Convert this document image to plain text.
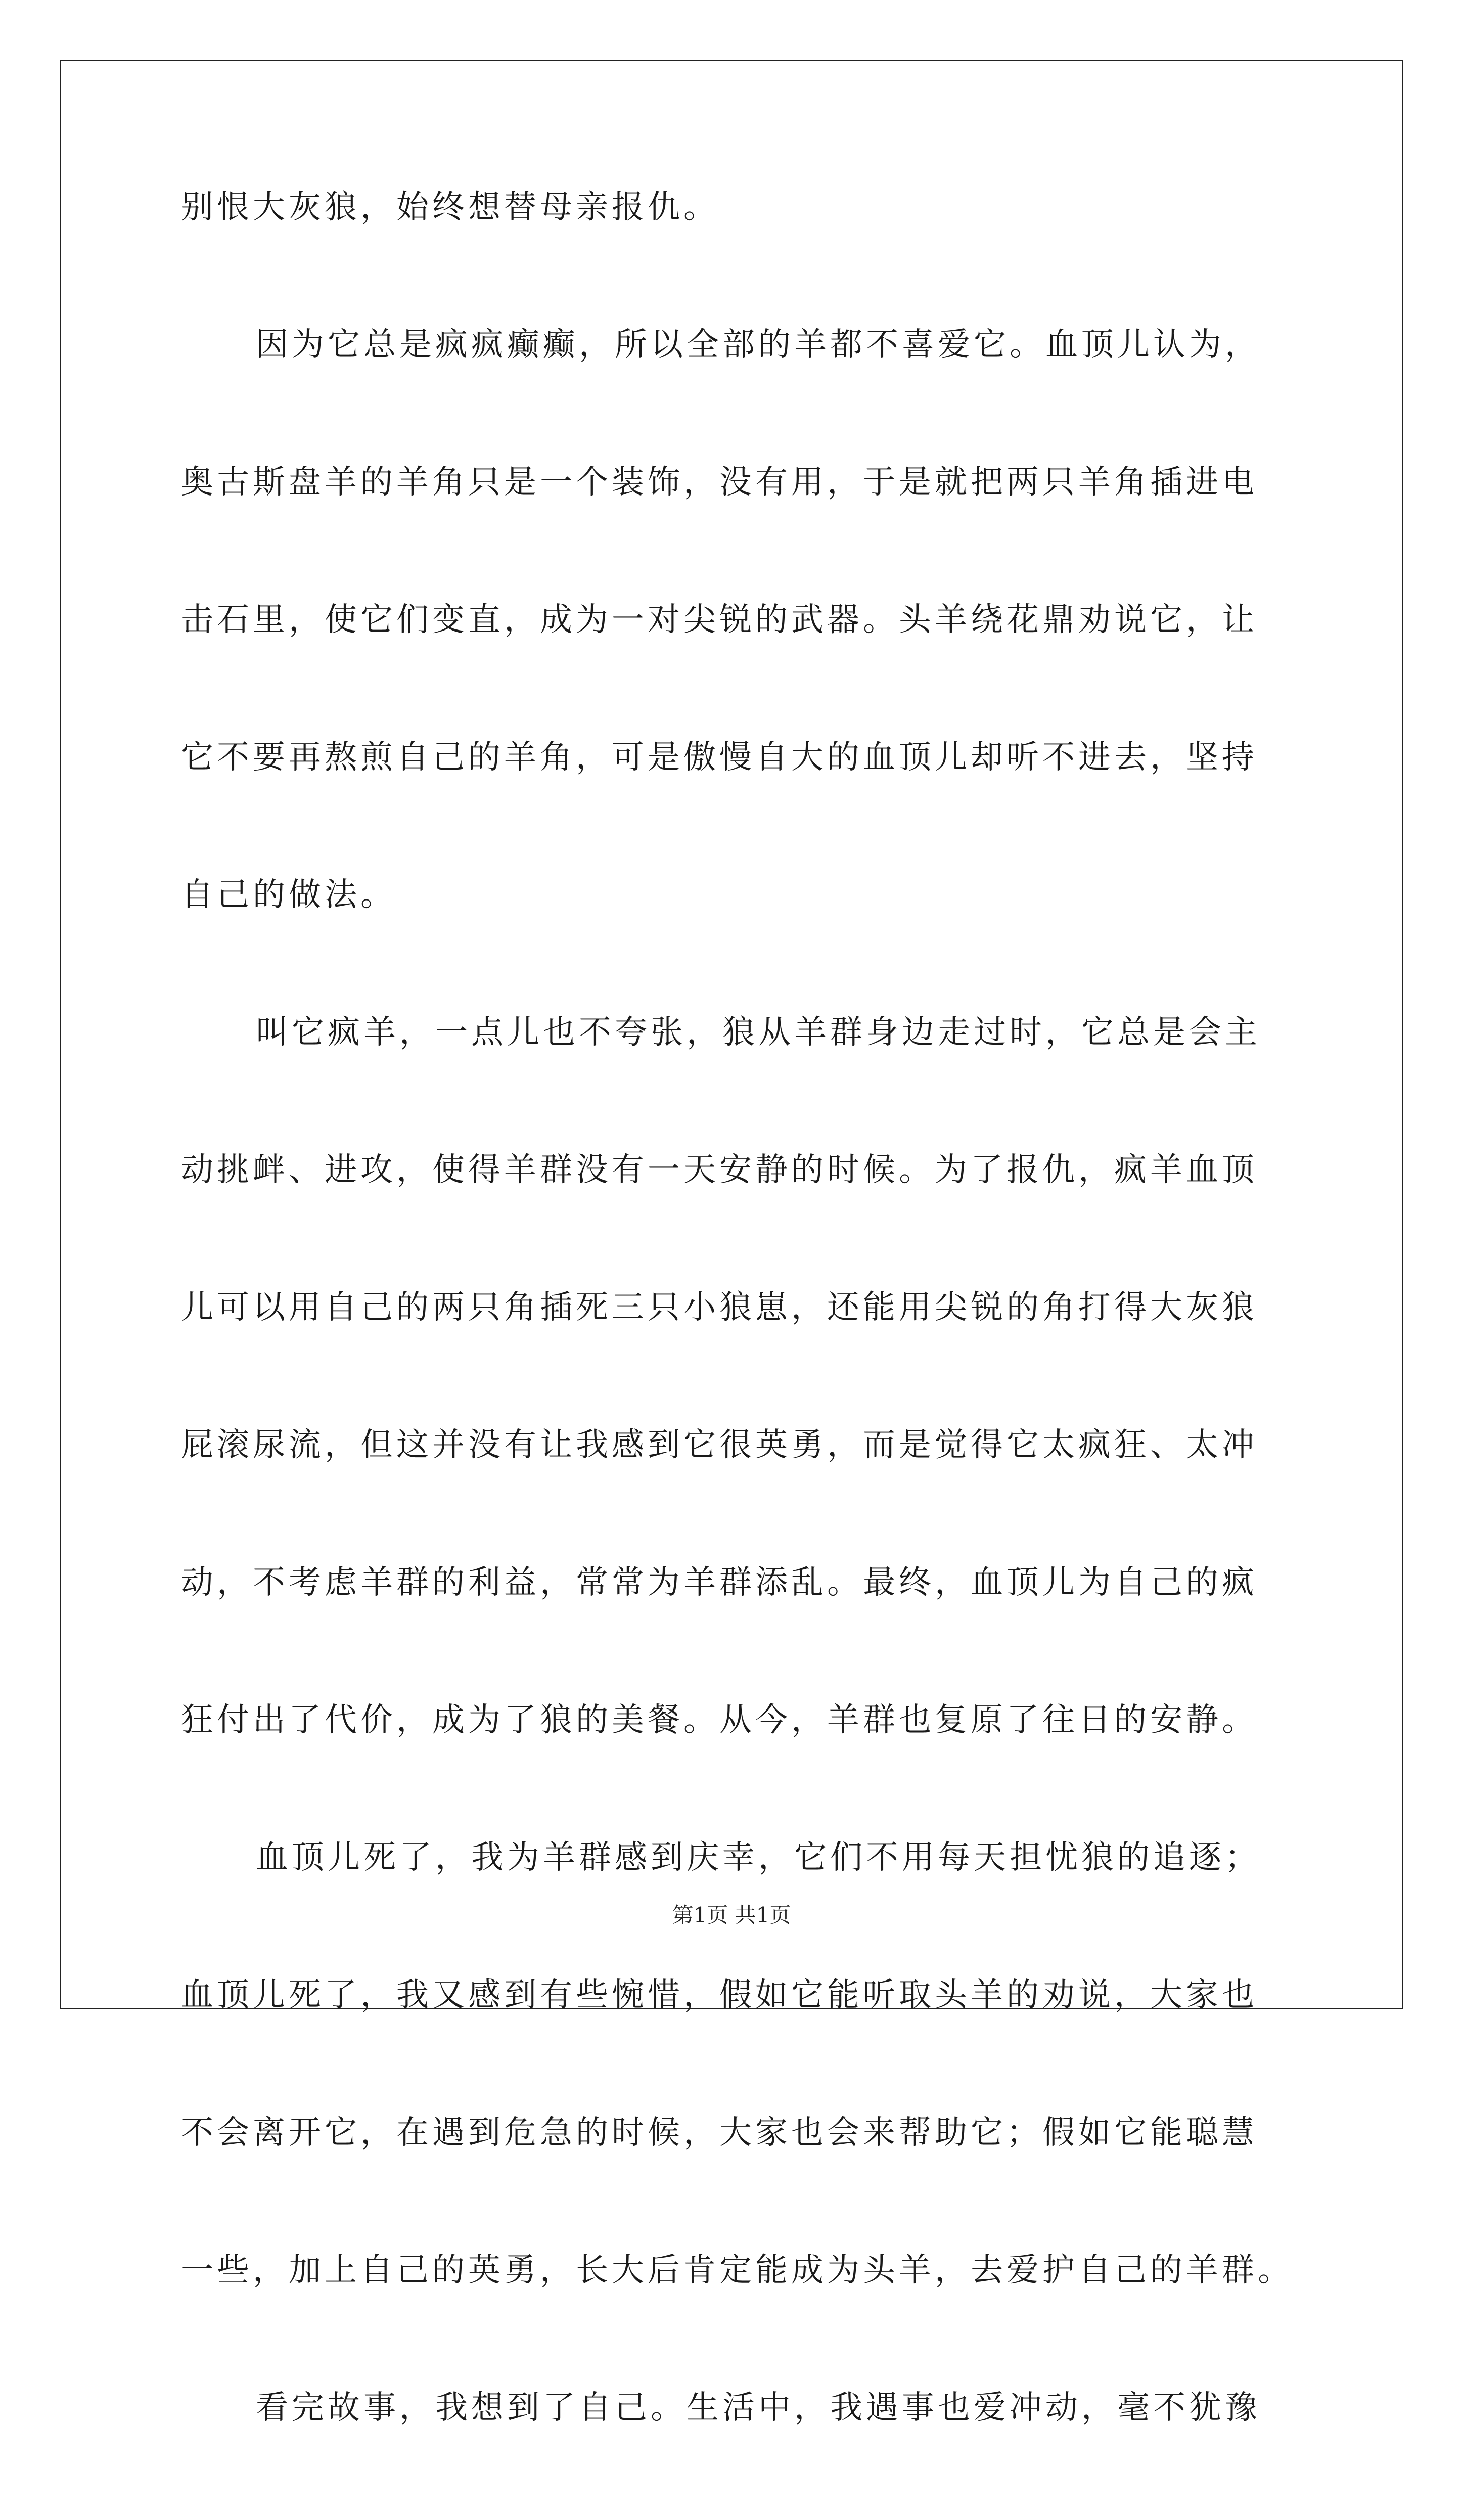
别恨大灰狼，始终想替母亲报仇。
因为它总是疯疯癫癫，所以全部的羊都不喜爱它。血顶儿认为，
奥古斯盘羊的羊角只是一个装饰，没有用，于是就把两只羊角插进电
击石里，使它们变直，成为一对尖锐的武器。头羊绕花鼎劝说它，让
它不要再熬煎自己的羊角，可是傲慢自大的血顶儿却听不进去，坚持
自己的做法。
叫它疯羊，一点儿也不夸张，狼从羊群身边走过时，它总是会主
动挑衅、进攻，使得羊群没有一天安静的时候。为了报仇，疯羊血顶
儿可以用自己的两只角插死三只小狼崽，还能用尖锐的角打得大灰狼
屁滚尿流，但这并没有让我感到它很英勇，而是觉得它太疯狂、太冲
动，不考虑羊群的利益，常常为羊群添乱。最终，血顶儿为自己的疯
狂付出了代价，成为了狼的美餐。从今，羊群也复原了往日的安静。
血顶儿死了，我为羊群感到庆幸，它们不用每天担忧狼的追逐；
血顶儿死了，我又感到有些惋惜，假如它能听取头羊的劝说，大家也
不会离开它，在遇到危急的时候，大家也会来帮助它；假如它能聪慧
一些，加上自己的英勇，长大后肯定能成为头羊，去爱护自己的羊群。
看完故事，我想到了自己。生活中，我遇事也爱冲动，毫不犹豫
第1页 共1页
